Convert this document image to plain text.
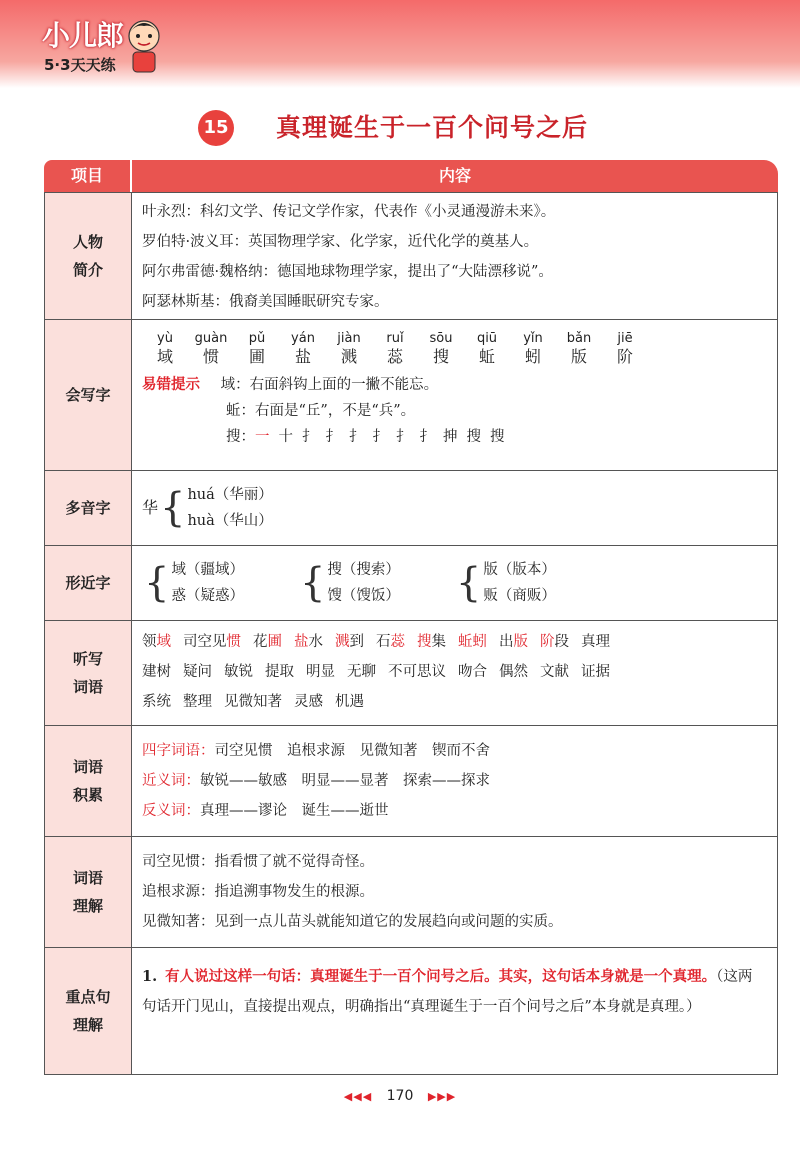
小儿郎
5·3天天练
15 真理诞生于一百个问号之后
项目	内容
人物简介
叶永烈：科幻文学、传记文学作家，代表作《小灵通漫游未来》。
罗伯特·波义耳：英国物理学家、化学家，近代化学的奠基人。
阿尔弗雷德·魏格纳：德国地球物理学家，提出了“大陆漂移说”。
阿瑟林斯基：俄裔美国睡眠研究专家。
会写字
yù
域
guàn
惯
pǔ
圃
yán
盐
jiàn
溅
ruǐ
蕊
sōu
搜
qiū
蚯
yǐn
蚓
bǎn
版
jiē
阶
易错提示 域：右面斜钩上面的一撇不能忘。
蚯：右面是“丘”，不是“兵”。
搜：一 十 扌 扌 扌 扌 扌 扌 抻 搜 搜
多音字	华 { huá（华丽）
huà（华山）
形近字 { 域（疆域）
惑（疑惑） { 搜（搜索）
馊（馊饭） { 版（版本）
贩（商贩）
听写词语
领域 司空见惯 花圃 盐水 溅到 石蕊 搜集 蚯蚓 出版 阶段 真理
建树 疑问 敏锐 提取 明显 无聊 不可思议 吻合 偶然 文献 证据
系统 整理 见微知著 灵感 机遇
词语积累
四字词语：司空见惯　追根求源　见微知著　锲而不舍
近义词：敏锐——敏感　明显——显著　探索——探求
反义词：真理——谬论　诞生——逝世
词语理解
司空见惯：指看惯了就不觉得奇怪。
追根求源：指追溯事物发生的根源。
见微知著：见到一点儿苗头就能知道它的发展趋向或问题的实质。
重点句理解
1. 有人说过这样一句话：真理诞生于一百个问号之后。其实，这句话本身就是一个真理。（这两句话开门见山，直接提出观点，明确指出“真理诞生于一百个问号之后”本身就是真理。）
◀◀◀ 170 ▶▶▶
